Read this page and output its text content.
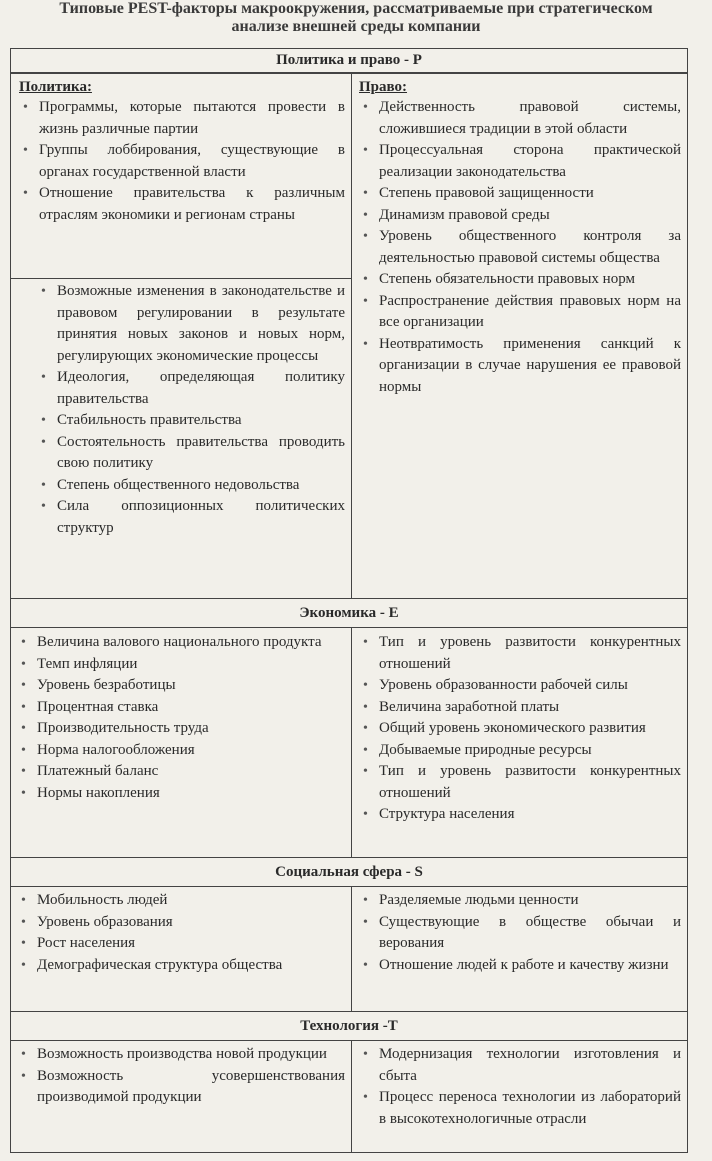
Типовые PEST-факторы макроокружения, рассматриваемые при стратегическом
анализе внешней среды компании
Политика и право - Р
Политика:
• Программы, которые пытаются провести в жизнь различные партии
• Группы лоббирования, существующие в органах государственной власти
• Отношение правительства к различным отраслям экономики и регионам страны
• Возможные изменения в законодательстве и правовом регулировании в результате принятия новых законов и новых норм, регулирующих экономические процессы
• Идеология, определяющая политику правительства
• Стабильность правительства
• Состоятельность правительства проводить свою политику
• Степень общественного недовольства
• Сила оппозиционных политических структур
Право:
• Действенность правовой системы, сложившиеся традиции в этой области
• Процессуальная сторона практической реализации законодательства
• Степень правовой защищенности
• Динамизм правовой среды
• Уровень общественного контроля за деятельностью правовой системы общества
• Степень обязательности правовых норм
• Распространение действия правовых норм на все организации
• Неотвратимость применения санкций к организации в случае нарушения ее правовой нормы
Экономика - Е
• Величина валового национального продукта
• Темп инфляции
• Уровень безработицы
• Процентная ставка
• Производительность труда
• Норма налогообложения
• Платежный баланс
• Нормы накопления
• Тип и уровень развитости конкурентных отношений
• Уровень образованности рабочей силы
• Величина заработной платы
• Общий уровень экономического развития
• Добываемые природные ресурсы
• Тип и уровень развитости конкурентных отношений
• Структура населения
Социальная сфера - S
• Мобильность людей
• Уровень образования
• Рост населения
• Демографическая структура общества
• Разделяемые людьми ценности
• Существующие в обществе обычаи и верования
• Отношение людей к работе и качеству жизни
Технология -Т
• Возможность производства новой продукции
• Возможность усовершенствования производимой продукции
• Модернизация технологии изготовления и сбыта
• Процесс переноса технологии из лабораторий в высокотехнологичные отрасли
